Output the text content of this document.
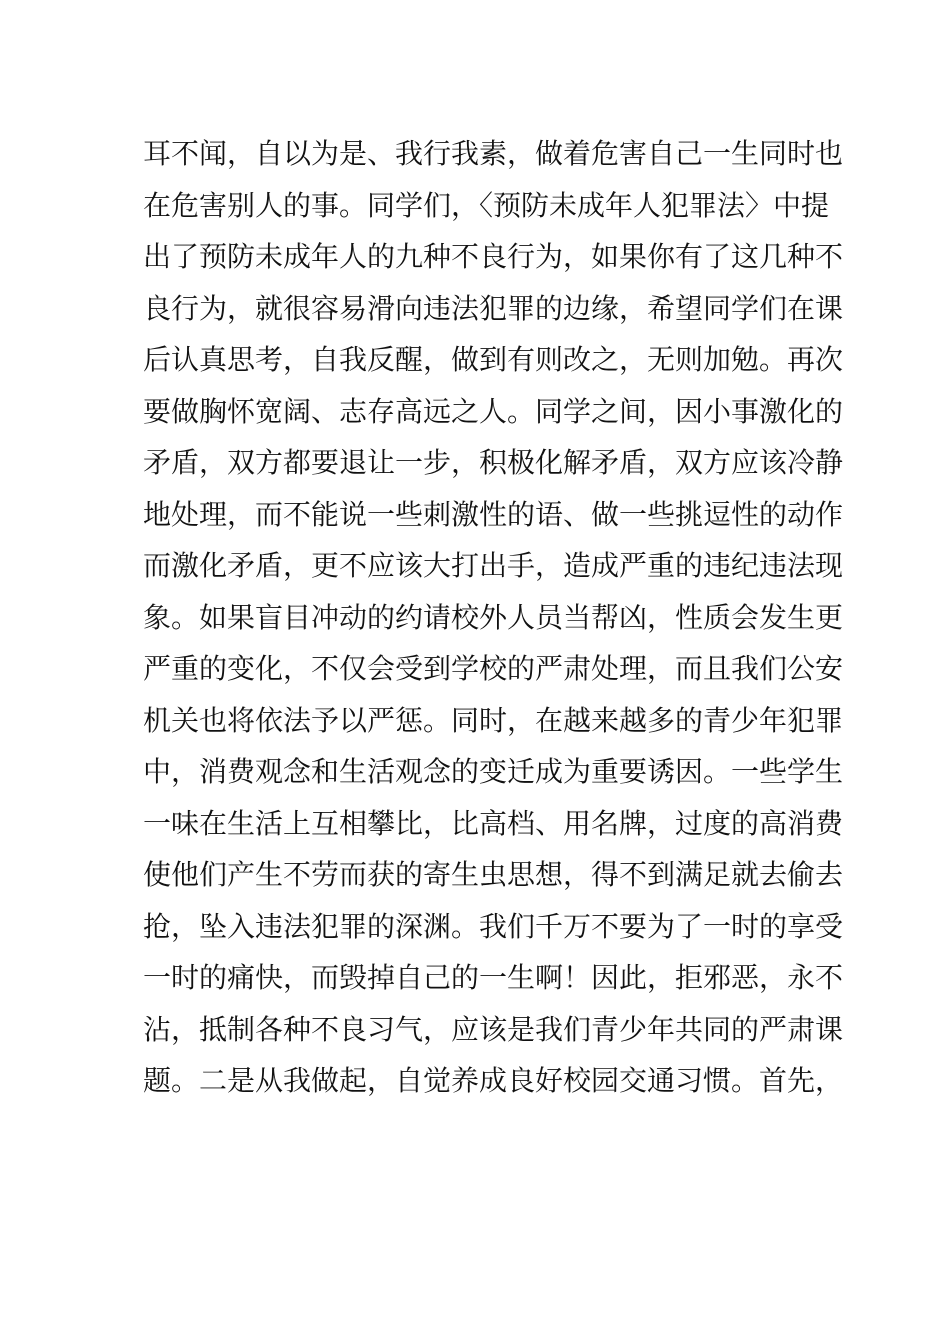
耳不闻，自以为是、我行我素，做着危害自己一生同时也
在危害别人的事。同学们，〈预防未成年人犯罪法〉中提
出了预防未成年人的九种不良行为，如果你有了这几种不
良行为，就很容易滑向违法犯罪的边缘，希望同学们在课
后认真思考，自我反醒，做到有则改之，无则加勉。再次
要做胸怀宽阔、志存高远之人。同学之间，因小事激化的
矛盾，双方都要退让一步，积极化解矛盾，双方应该冷静
地处理，而不能说一些刺激性的语、做一些挑逗性的动作
而激化矛盾，更不应该大打出手，造成严重的违纪违法现
象。如果盲目冲动的约请校外人员当帮凶，性质会发生更
严重的变化，不仅会受到学校的严肃处理，而且我们公安
机关也将依法予以严惩。同时，在越来越多的青少年犯罪
中，消费观念和生活观念的变迁成为重要诱因。一些学生
一味在生活上互相攀比，比高档、用名牌，过度的高消费
使他们产生不劳而获的寄生虫思想，得不到满足就去偷去
抢，坠入违法犯罪的深渊。我们千万不要为了一时的享受
一时的痛快，而毁掉自己的一生啊！因此，拒邪恶，永不
沾，抵制各种不良习气，应该是我们青少年共同的严肃课
题。二是从我做起，自觉养成良好校园交通习惯。首先，
